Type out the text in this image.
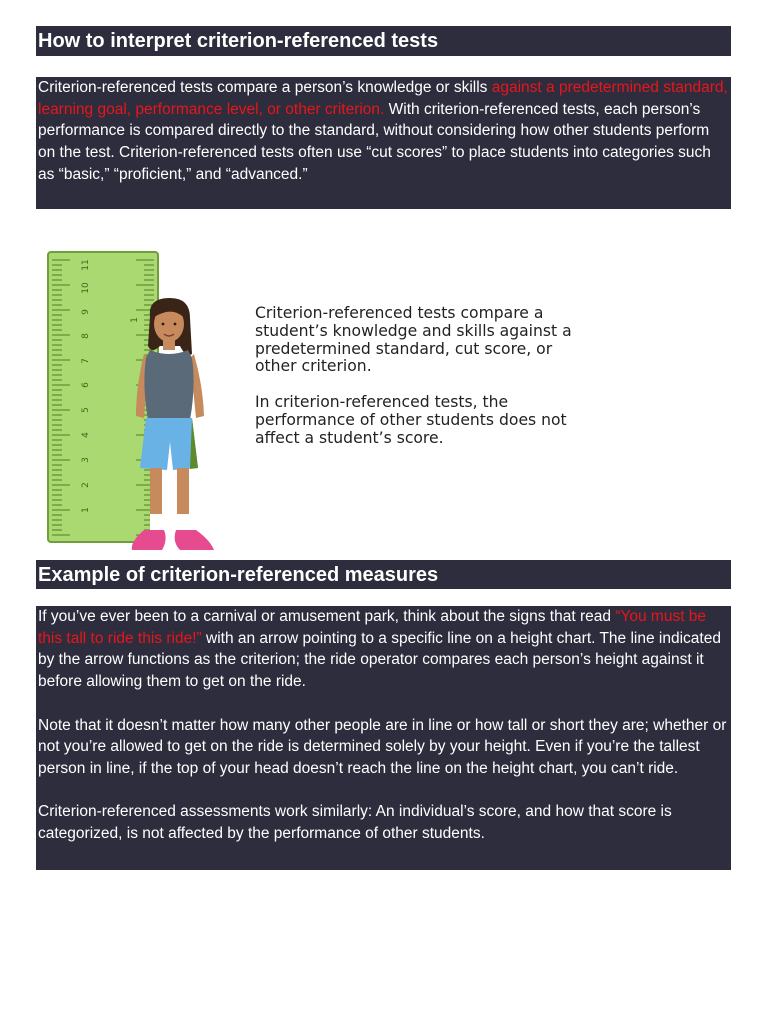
How to interpret criterion-referenced tests

Criterion-referenced tests compare a person’s knowledge or skills against a predetermined standard, learning goal, performance level, or other criterion. With criterion-referenced tests, each person’s performance is compared directly to the standard, without considering how other students perform on the test. Criterion-referenced tests often use “cut scores” to place students into categories such as “basic,” “proficient,” and “advanced.”

1
2
3
4
5
6
7
8
9
10
11
1	Criterion-referenced tests compare a student’s knowledge and skills against a predetermined standard, cut score, or other criterion.

In criterion-referenced tests, the performance of other students does not affect a student’s score.

Example of criterion-referenced measures

If you’ve ever been to a carnival or amusement park, think about the signs that read “You must be this tall to ride this ride!” with an arrow pointing to a specific line on a height chart. The line indicated by the arrow functions as the criterion; the ride operator compares each person’s height against it before allowing them to get on the ride.

Note that it doesn’t matter how many other people are in line or how tall or short they are; whether or not you’re allowed to get on the ride is determined solely by your height. Even if you’re the tallest person in line, if the top of your head doesn’t reach the line on the height chart, you can’t ride.

Criterion-referenced assessments work similarly: An individual’s score, and how that score is categorized, is not affected by the performance of other students.
